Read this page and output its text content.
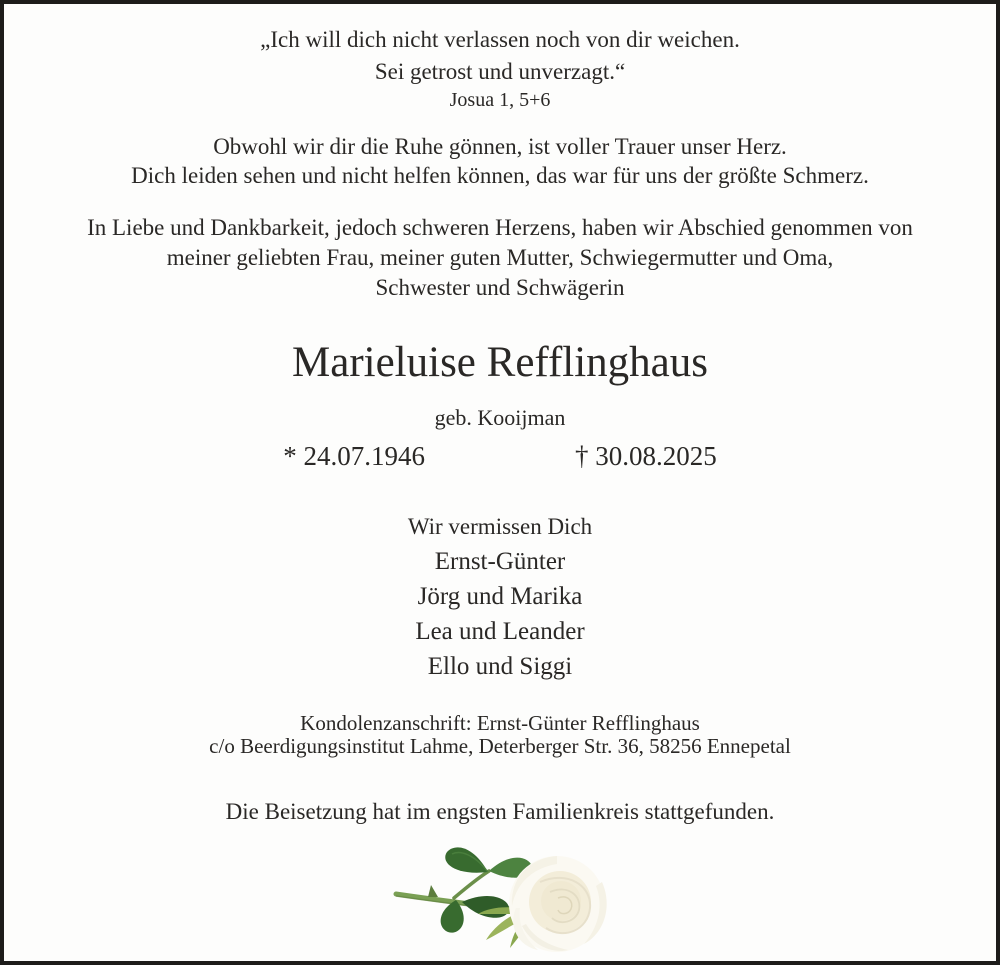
„Ich will dich nicht verlassen noch von dir weichen.
Sei getrost und unverzagt.“
Josua 1, 5+6
Obwohl wir dir die Ruhe gönnen, ist voller Trauer unser Herz.
Dich leiden sehen und nicht helfen können, das war für uns der größte Schmerz.
In Liebe und Dankbarkeit, jedoch schweren Herzens, haben wir Abschied genommen von
meiner geliebten Frau, meiner guten Mutter, Schwiegermutter und Oma,
Schwester und Schwägerin
Marieluise Refflinghaus
geb. Kooijman
* 24.07.1946	† 30.08.2025
Wir vermissen Dich
Ernst-Günter
Jörg und Marika
Lea und Leander
Ello und Siggi
Kondolenzanschrift: Ernst-Günter Refflinghaus
c/o Beerdigungsinstitut Lahme, Deterberger Str. 36, 58256 Ennepetal
Die Beisetzung hat im engsten Familienkreis stattgefunden.
